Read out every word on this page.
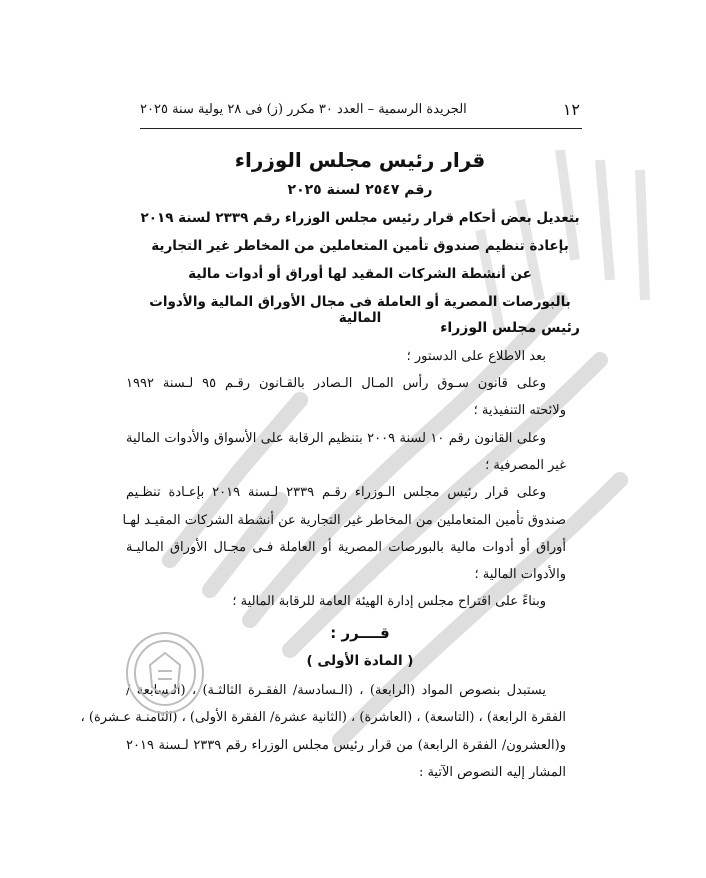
١٢
الجريدة الرسمية – العدد ٣٠ مكرر (ز) فى ٢٨ يولية سنة ٢٠٢٥
قرار رئيس مجلس الوزراء
رقم ٢٥٤٧ لسنة ٢٠٢٥
بتعديل بعض أحكام قرار رئيس مجلس الوزراء رقم ٢٣٣٩ لسنة ٢٠١٩
بإعادة تنظيم صندوق تأمين المتعاملين من المخاطر غير التجارية
عن أنشطة الشركات المقيد لها أوراق أو أدوات مالية
بالبورصات المصرية أو العاملة فى مجال الأوراق المالية والأدوات المالية
رئيس مجلس الوزراء
بعد الاطلاع على الدستور ؛
وعلى قانون سـوق رأس المـال الـصادر بالقـانون رقـم ٩٥ لـسنة ١٩٩٢
ولائحته التنفيذية ؛
وعلى القانون رقم ١٠ لسنة ٢٠٠٩ بتنظيم الرقابة على الأسواق والأدوات المالية
غير المصرفية ؛
وعلى قرار رئيس مجلس الـوزراء رقـم ٢٣٣٩ لـسنة ٢٠١٩ بإعـادة تنظـيم
صندوق تأمين المتعاملين من المخاطر غير التجارية عن أنشطة الشركات المقيـد لهـا
أوراق أو أدوات مالية بالبورصات المصرية أو العاملة فـى مجـال الأوراق الماليـة
والأدوات المالية ؛
وبناءً على اقتراح مجلس إدارة الهيئة العامة للرقابة المالية ؛
قــــرر :
( المادة الأولى )
يستبدل بنصوص المواد (الرابعة) ، (الـسادسة/ الفقـرة الثالثـة) ، (الـسابعة /
الفقرة الرابعة) ، (التاسعة) ، (العاشرة) ، (الثانية عشرة/ الفقرة الأولى) ، (الثامنـة عـشرة) ،
و(العشرون/ الفقرة الرابعة) من قرار رئيس مجلس الوزراء رقم ٢٣٣٩ لـسنة ٢٠١٩
المشار إليه النصوص الآتية :
